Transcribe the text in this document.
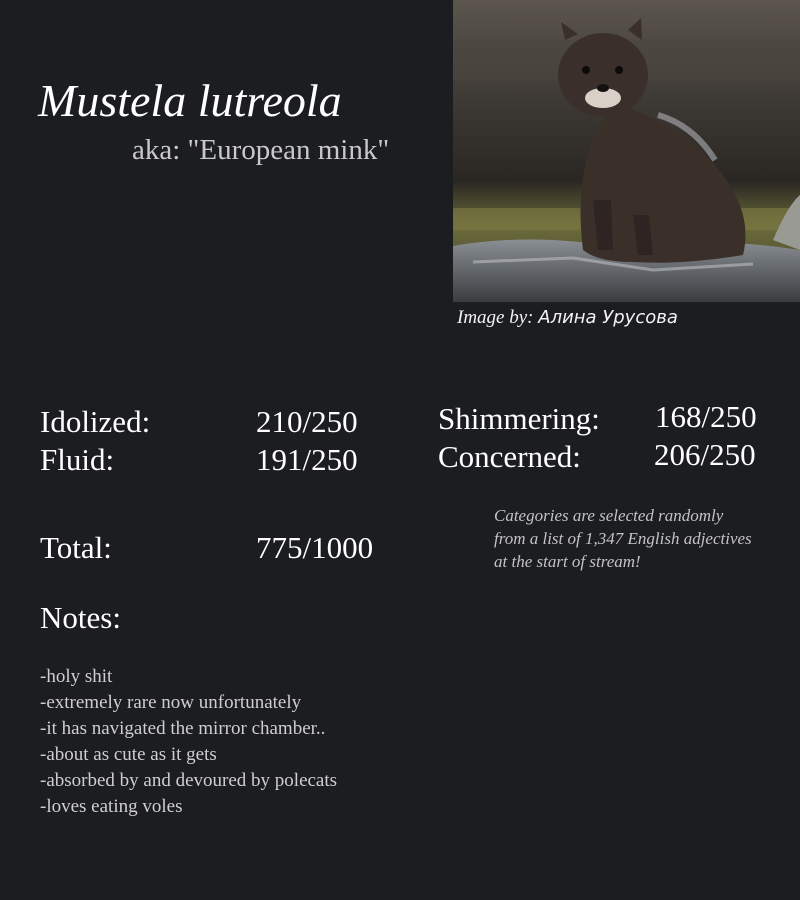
Mustela lutreola
aka: "European mink"
Image by: Алина Урусова
Idolized:	210/250
Fluid:	191/250
Shimmering: 168/250
Concerned: 206/250
Total:	775/1000
Categories are selected randomly from a list of 1,347 English adjectives at the start of stream!
Notes:
-holy shit
-extremely rare now unfortunately
-it has navigated the mirror chamber..
-about as cute as it gets
-absorbed by and devoured by polecats
-loves eating voles
